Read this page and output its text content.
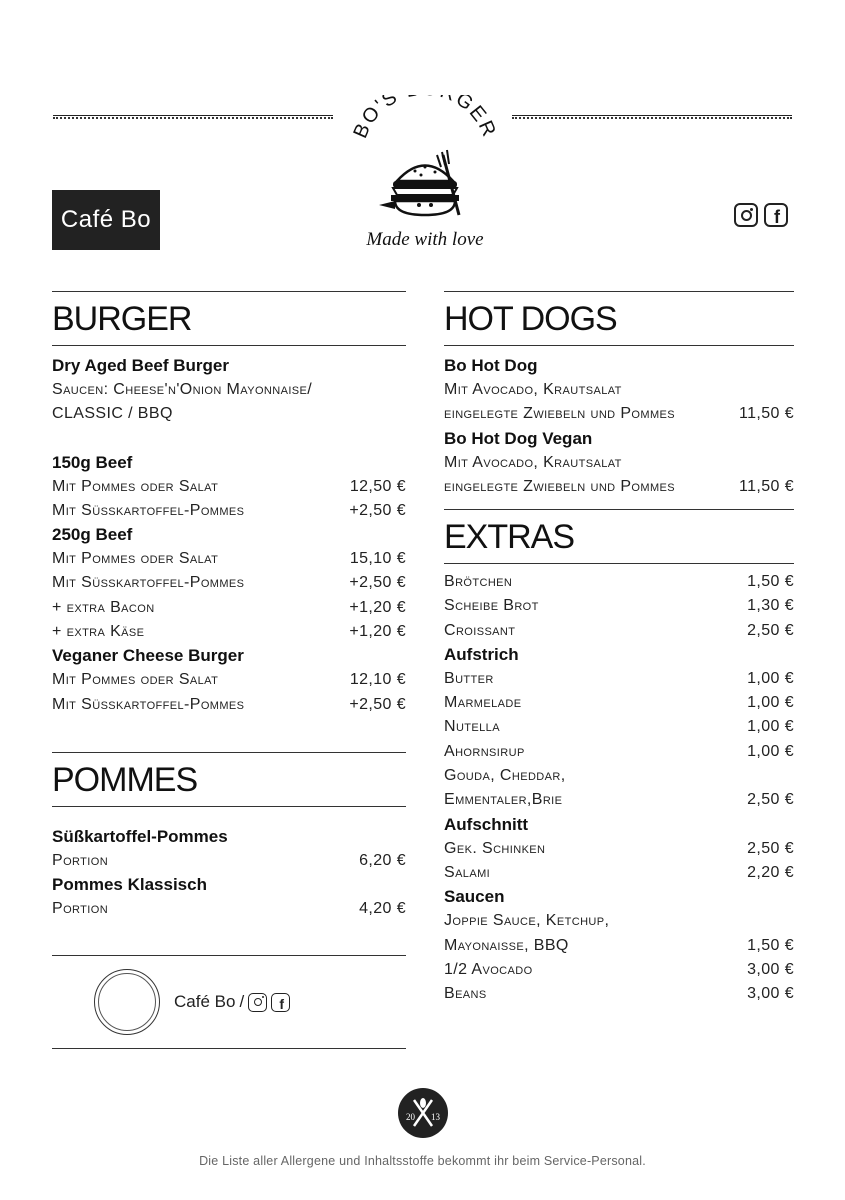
Café Bo
BO'S GER
Made with love
f
BURGER
Dry Aged Beef Burger
Saucen: Cheese'n'Onion Mayonnaise/
CLASSIC / BBQ
150g Beef
Mit Pommes oder Salat	12,50 €
Mit Süsskartoffel-Pommes	+2,50 €
250g Beef
Mit Pommes oder Salat	15,10 €
Mit Süsskartoffel-Pommes	+2,50 €
+ extra Bacon	+1,20 €
+ extra Käse	+1,20 €
Veganer Cheese Burger
Mit Pommes oder Salat	12,10 €
Mit Süsskartoffel-Pommes	+2,50 €
POMMES
Süßkartoffel-Pommes
Portion	6,20 €
Pommes Klassisch
Portion	4,20 €
Café Bo /	f
HOT DOGS
Bo Hot Dog
Mit Avocado, Krautsalat
eingelegte Zwiebeln und Pommes	11,50 €
Bo Hot Dog Vegan
Mit Avocado, Krautsalat
eingelegte Zwiebeln und Pommes	11,50 €
EXTRAS
Brötchen	1,50 €
Scheibe Brot	1,30 €
Croissant	2,50 €
Aufstrich
Butter	1,00 €
Marmelade	1,00 €
Nutella	1,00 €
Ahornsirup	1,00 €
Gouda, Cheddar,
Emmentaler,Brie	2,50 €
Aufschnitt
Gek. Schinken	2,50 €
Salami	2,20 €
Saucen
Joppie Sauce, Ketchup,
Mayonaisse, BBQ	1,50 €
1/2 Avocado	3,00 €
Beans	3,00 €
20 13
Die Liste aller Allergene und Inhaltsstoffe bekommt ihr beim Service-Personal.
